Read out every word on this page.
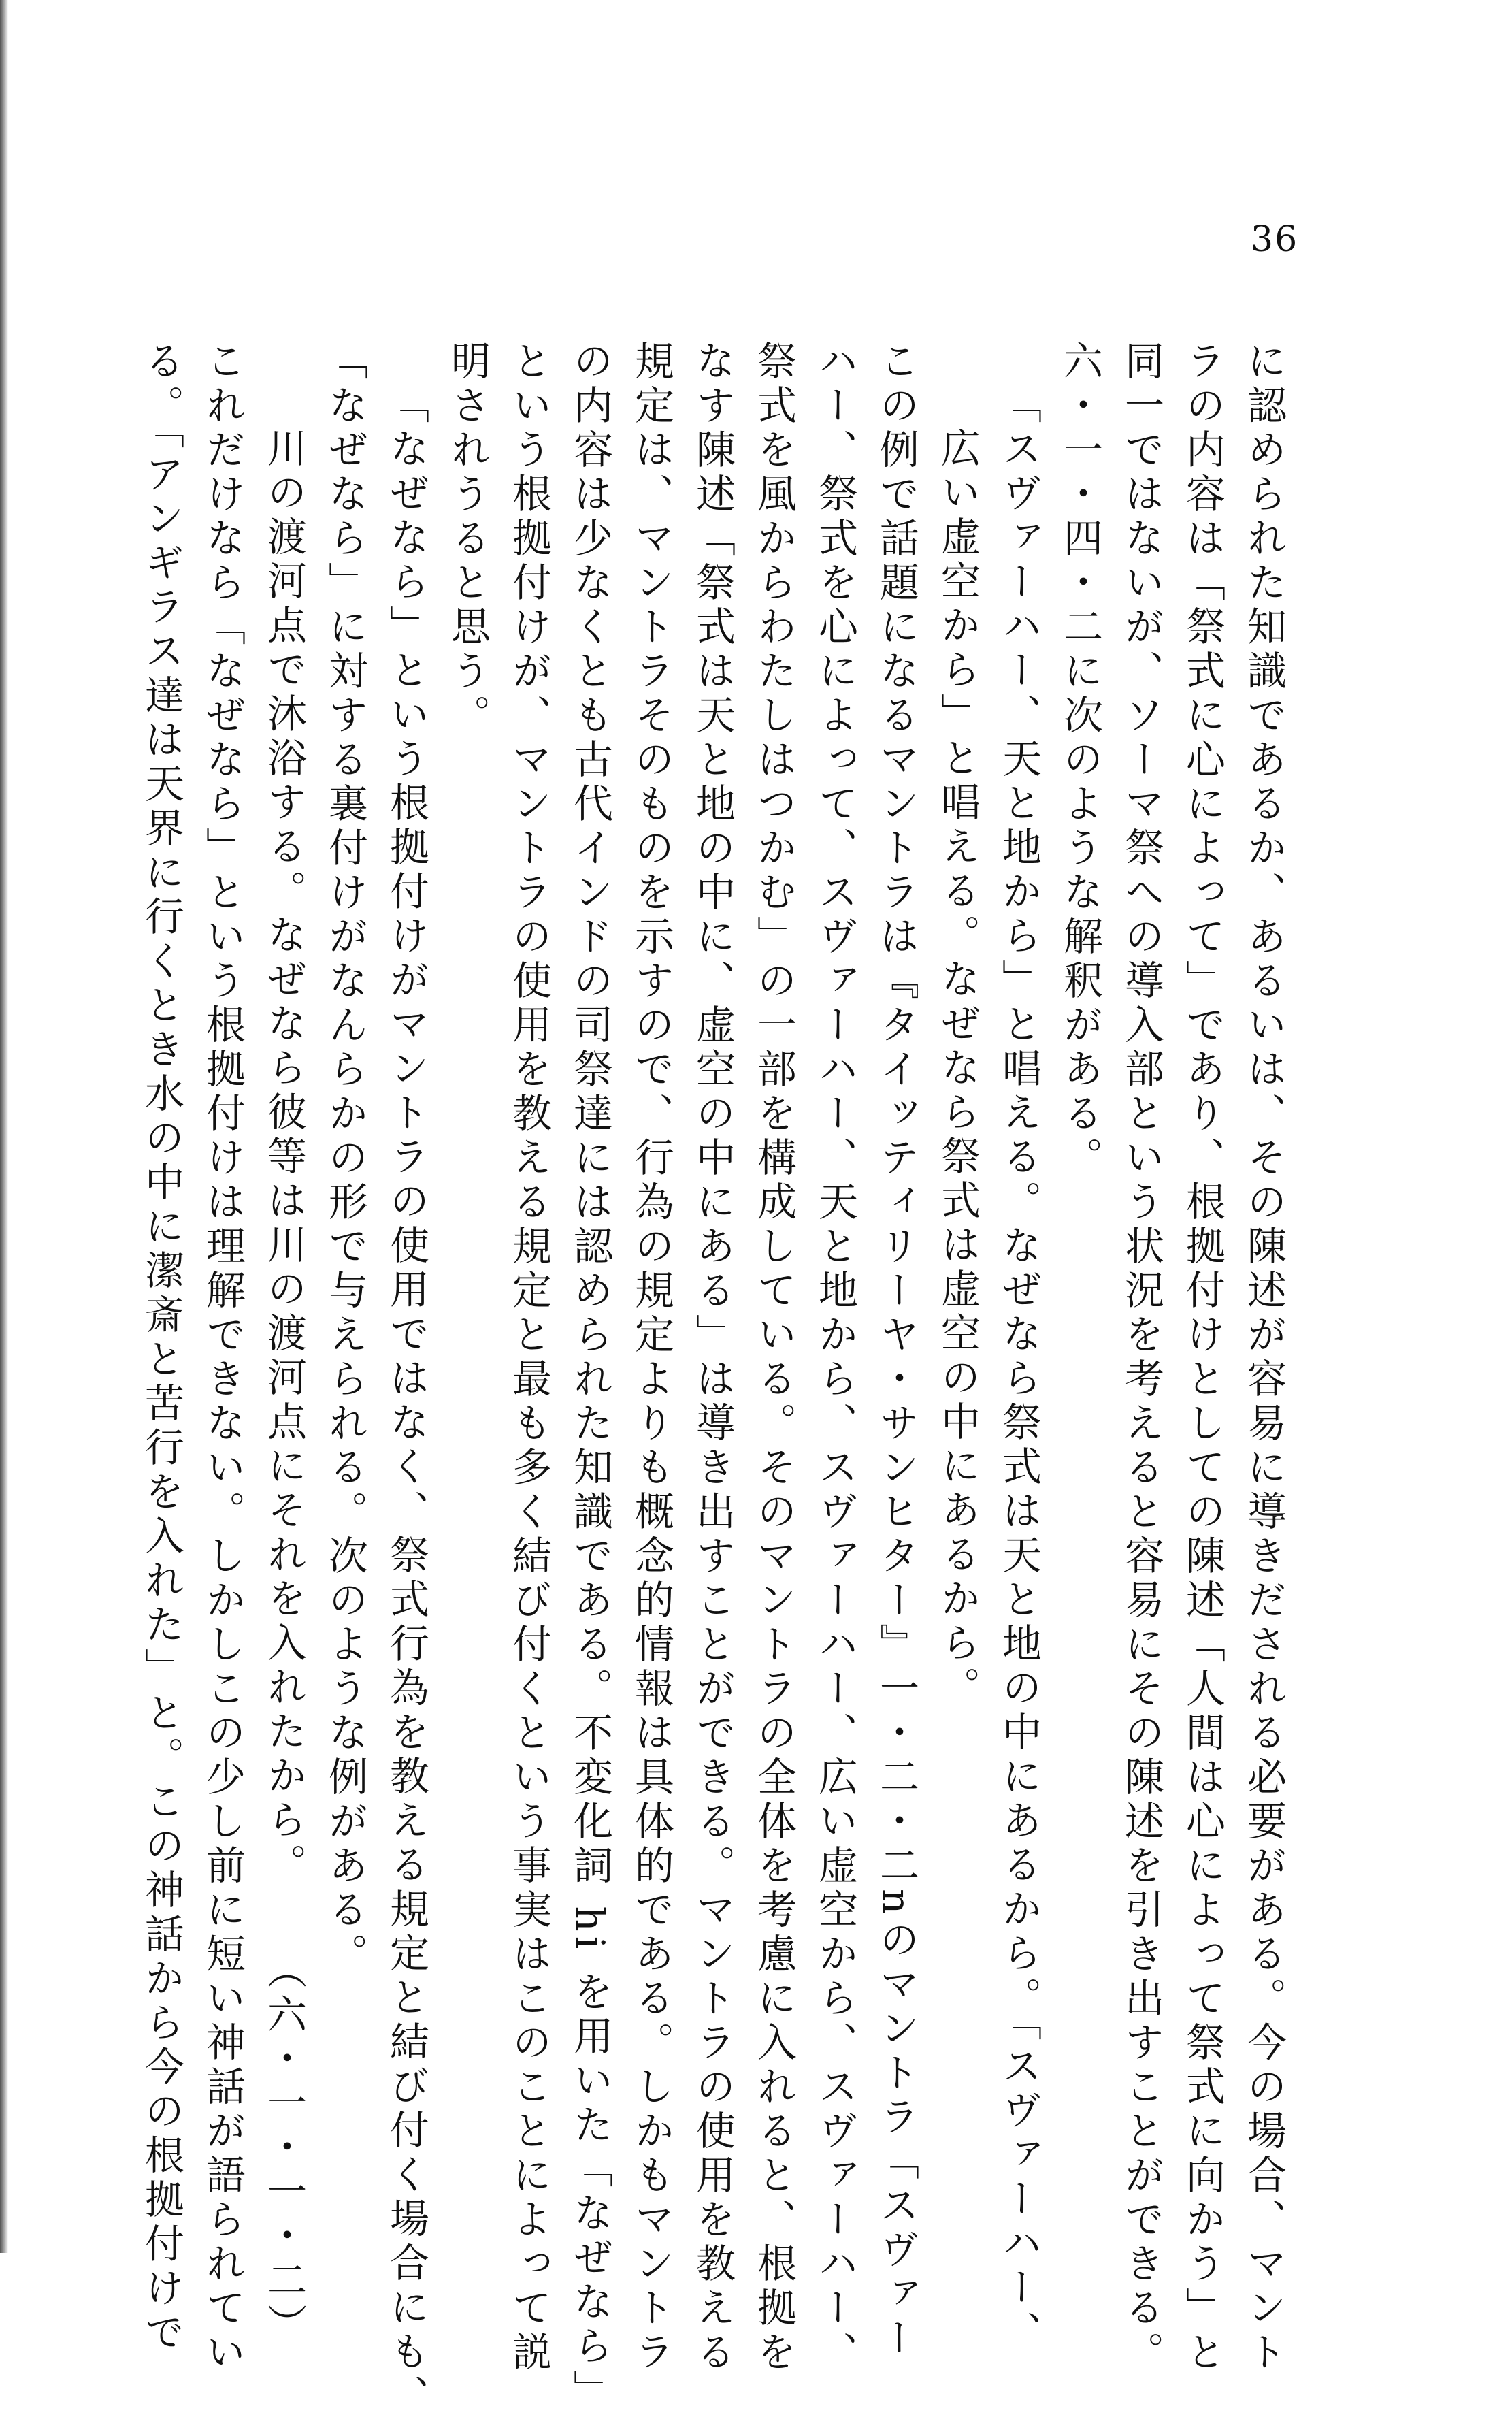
36
に認められた知識であるか、あるいは、その陳述が容易に導きだされる必要がある。今の場合、マント
ラの内容は「祭式に心によって」であり、根拠付けとしての陳述「人間は心によって祭式に向かう」と
同一ではないが、ソーマ祭への導入部という状況を考えると容易にその陳述を引き出すことができる。
六・一・四・二に次のような解釈がある。
「スヴァーハー、天と地から」と唱える。なぜなら祭式は天と地の中にあるから。「スヴァーハー、
広い虚空から」と唱える。なぜなら祭式は虚空の中にあるから。
この例で話題になるマントラは『タイッティリーヤ・サンヒター』一・二・二nのマントラ「スヴァー
ハー、祭式を心によって、スヴァーハー、天と地から、スヴァーハー、広い虚空から、スヴァーハー、
祭式を風からわたしはつかむ」の一部を構成している。そのマントラの全体を考慮に入れると、根拠を
なす陳述「祭式は天と地の中に、虚空の中にある」は導き出すことができる。マントラの使用を教える
規定は、マントラそのものを示すので、行為の規定よりも概念的情報は具体的である。しかもマントラ
の内容は少なくとも古代インドの司祭達には認められた知識である。不変化詞 hi を用いた「なぜなら」
という根拠付けが、マントラの使用を教える規定と最も多く結び付くという事実はこのことによって説
明されうると思う。
「なぜなら」という根拠付けがマントラの使用ではなく、祭式行為を教える規定と結び付く場合にも、
「なぜなら」に対する裏付けがなんらかの形で与えられる。次のような例がある。
川の渡河点で沐浴する。なぜなら彼等は川の渡河点にそれを入れたから。（六・一・一・二）
これだけなら「なぜなら」という根拠付けは理解できない。しかしこの少し前に短い神話が語られてい
る。「アンギラス達は天界に行くとき水の中に潔斎と苦行を入れた」と。この神話から今の根拠付けで
